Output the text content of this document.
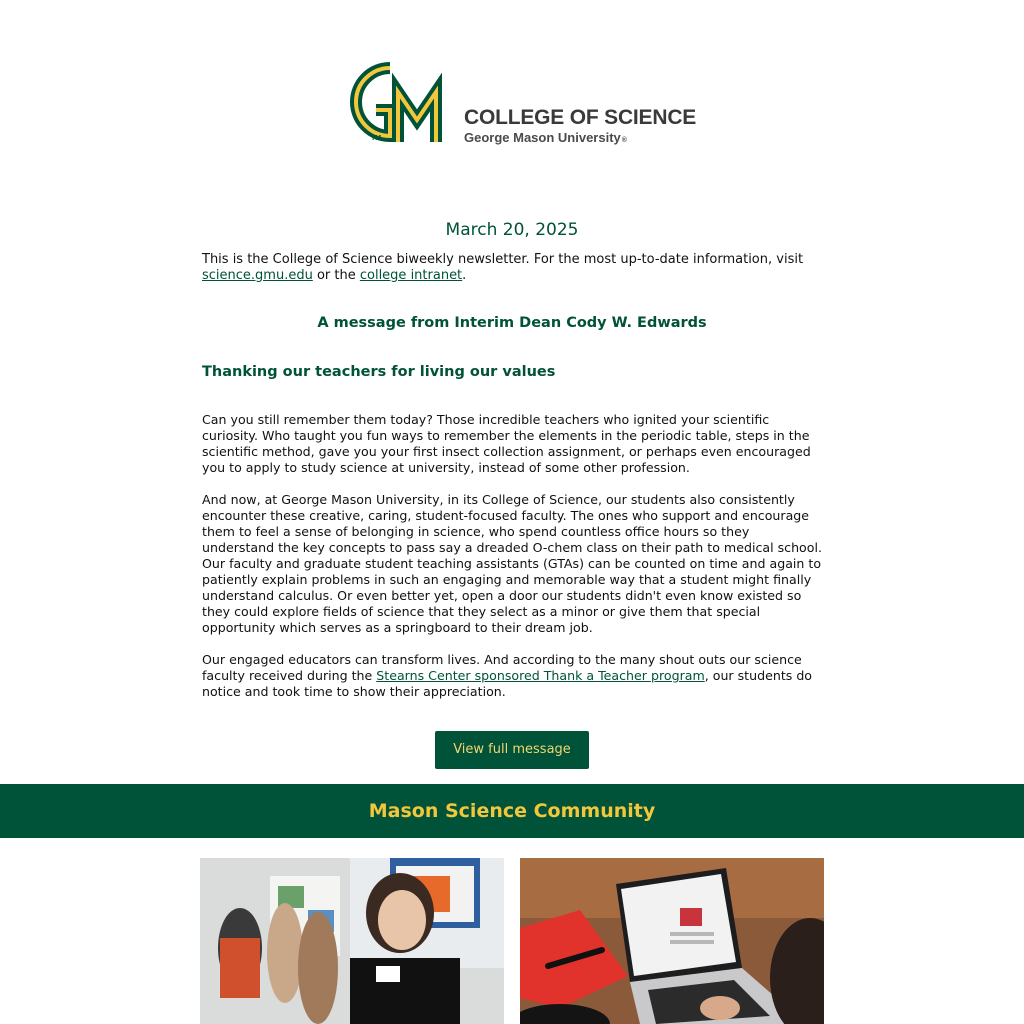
TM
COLLEGE OF SCIENCE
George Mason University®
March 20, 2025
This is the College of Science biweekly newsletter. For the most up-to-date information, visit science.gmu.edu or the college intranet.
A message from Interim Dean Cody W. Edwards
Thanking our teachers for living our values
Can you still remember them today? Those incredible teachers who ignited your scientific curiosity. Who taught you fun ways to remember the elements in the periodic table, steps in the scientific method, gave you your first insect collection assignment, or perhaps even encouraged you to apply to study science at university, instead of some other profession.
And now, at George Mason University, in its College of Science, our students also consistently encounter these creative, caring, student-focused faculty. The ones who support and encourage them to feel a sense of belonging in science, who spend countless office hours so they understand the key concepts to pass say a dreaded O-chem class on their path to medical school. Our faculty and graduate student teaching assistants (GTAs) can be counted on time and again to patiently explain problems in such an engaging and memorable way that a student might finally understand calculus. Or even better yet, open a door our students didn't even know existed so they could explore fields of science that they select as a minor or give them that special opportunity which serves as a springboard to their dream job.
Our engaged educators can transform lives. And according to the many shout outs our science faculty received during the Stearns Center sponsored Thank a Teacher program, our students do notice and took time to show their appreciation.
View full message
Mason Science Community
